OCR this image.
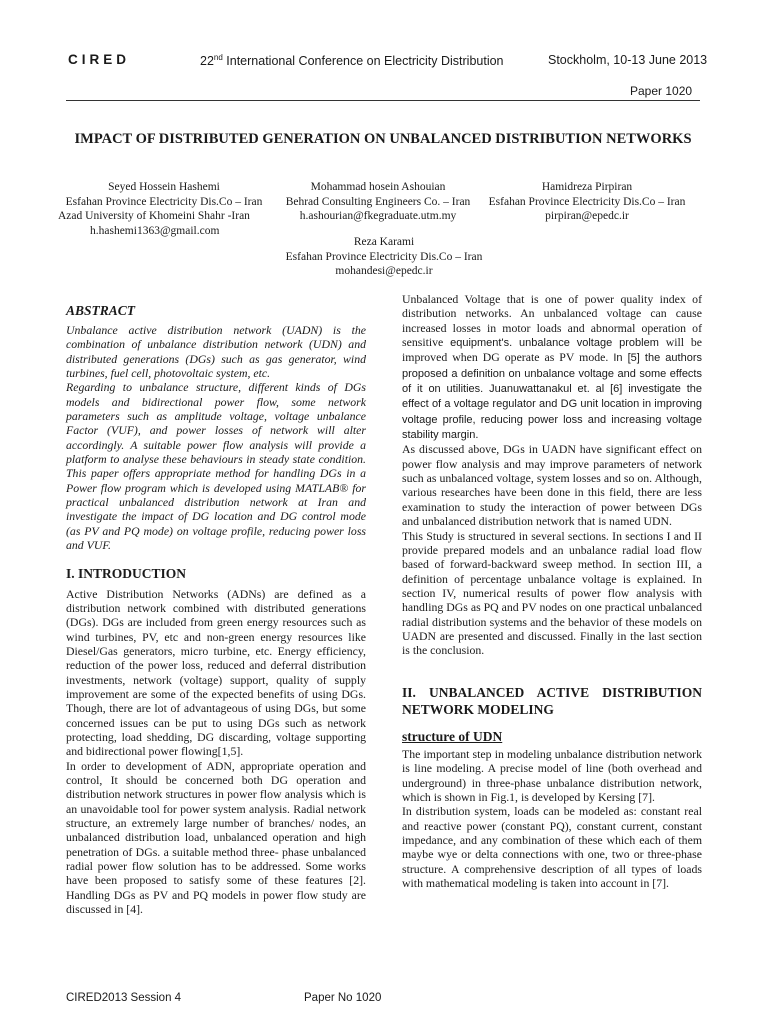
CIRED	22nd International Conference on Electricity Distribution	Stockholm, 10-13 June 2013
Paper 1020
IMPACT OF DISTRIBUTED GENERATION ON UNBALANCED DISTRIBUTION NETWORKS
Seyed Hossein Hashemi
Esfahan Province Electricity Dis.Co – Iran
Azad University of Khomeini Shahr -Iran
h.hashemi1363@gmail.com
Mohammad hosein Ashouian
Behrad Consulting Engineers Co. – Iran
h.ashourian@fkegraduate.utm.my
Hamidreza Pirpiran
Esfahan Province Electricity Dis.Co – Iran
pirpiran@epedc.ir
Reza Karami
Esfahan Province Electricity Dis.Co – Iran
mohandesi@epedc.ir
ABSTRACT

Unbalance active distribution network (UADN) is the combination of unbalance distribution network (UDN) and distributed generations (DGs) such as gas generator, wind turbines, fuel cell, photovoltaic system, etc.

Regarding to unbalance structure, different kinds of DGs models and bidirectional power flow, some network parameters such as amplitude voltage, voltage unbalance Factor (VUF), and power losses of network will alter accordingly. A suitable power flow analysis will provide a platform to analyse these behaviours in steady state condition. This paper offers appropriate method for handling DGs in a Power flow program which is developed using MATLAB® for practical unbalanced distribution network at Iran and investigate the impact of DG location and DG control mode (as PV and PQ mode) on voltage profile, reducing power loss and VUF.

I. INTRODUCTION

Active Distribution Networks (ADNs) are defined as a distribution network combined with distributed generations (DGs). DGs are included from green energy resources such as wind turbines, PV, etc and non-green energy resources like Diesel/Gas generators, micro turbine, etc. Energy efficiency, reduction of the power loss, reduced and deferral distribution investments, network (voltage) support, quality of supply improvement are some of the expected benefits of using DGs. Though, there are lot of advantageous of using DGs, but some concerned issues can be put to using DGs such as network protecting, load shedding, DG discarding, voltage supporting and bidirectional power flowing[1,5].

In order to development of ADN, appropriate operation and control, It should be concerned both DG operation and distribution network structures in power flow analysis which is an unavoidable tool for power system analysis. Radial network structure, an extremely large number of branches/ nodes, an unbalanced distribution load, unbalanced operation and high penetration of DGs. a suitable method three- phase unbalanced radial power flow solution has to be addressed. Some works have been proposed to satisfy some of these features [2]. Handling DGs as PV and PQ models in power flow study are discussed in [4].

Unbalanced Voltage that is one of power quality index of distribution networks. An unbalanced voltage can cause increased losses in motor loads and abnormal operation of sensitive equipment's. unbalance voltage problem will be improved when DG operate as PV mode. In [5] the authors proposed a definition on unbalance voltage and some effects of it on utilities. Juanuwattanakul et. al [6] investigate the effect of a voltage regulator and DG unit location in improving voltage profile, reducing power loss and increasing voltage stability margin.

As discussed above, DGs in UADN have significant effect on power flow analysis and may improve parameters of network such as unbalanced voltage, system losses and so on. Although, various researches have been done in this field, there are less examination to study the interaction of power between DGs and unbalanced distribution network that is named UDN.

This Study is structured in several sections. In sections I and II provide prepared models and an unbalance radial load flow based of forward-backward sweep method. In section III, a definition of percentage unbalance voltage is explained. In section IV, numerical results of power flow analysis with handling DGs as PQ and PV nodes on one practical unbalanced radial distribution systems and the behavior of these models on UADN are presented and discussed. Finally in the last section is the conclusion.

II. UNBALANCED ACTIVE DISTRIBUTION NETWORK MODELING
structure of UDN

The important step in modeling unbalance distribution network is line modeling. A precise model of line (both overhead and underground) in three-phase unbalance distribution network, which is shown in Fig.1, is developed by Kersing [7].

In distribution system, loads can be modeled as: constant real and reactive power (constant PQ), constant current, constant impedance, and any combination of these which each of them maybe wye or delta connections with one, two or three-phase structure. A comprehensive description of all types of loads with mathematical modeling is taken into account in [7].

CIRED2013 Session 4	Paper No 1020
